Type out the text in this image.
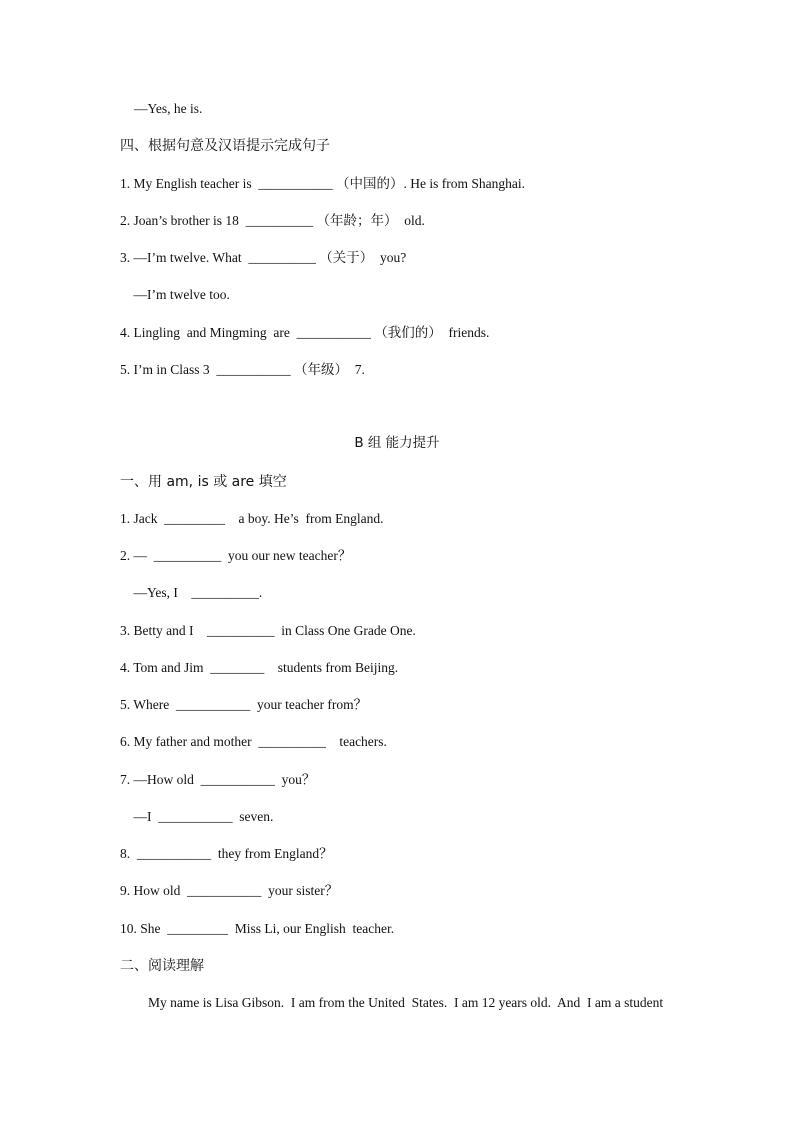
—Yes, he is.
四、根据句意及汉语提示完成句子
1. My English teacher is  ___________ （中国的）. He is from Shanghai.
2. Joan’s brother is 18  __________ （年龄；年）  old.
3. —I’m twelve. What  __________ （关于）  you?
—I’m twelve too.
4. Lingling  and Mingming  are  ___________ （我们的）  friends.
5. I’m in Class 3  ___________ （年级）  7.
B 组 能力提升
一、用 am, is 或 are 填空
1. Jack  _________    a boy. He’s  from England.
2. —  __________  you our new teacher？
—Yes, I    __________.
3. Betty and I    __________  in Class One Grade One.
4. Tom and Jim  ________    students from Beijing.
5. Where  ___________  your teacher from？
6. My father and mother  __________    teachers.
7. —How old  ___________  you？
—I  ___________  seven.
8.  ___________  they from England？
9. How old  ___________  your sister？
10. She  _________  Miss Li, our English  teacher.
二、阅读理解
My name is Lisa Gibson.  I am from the United  States.  I am 12 years old.  And  I am a student
